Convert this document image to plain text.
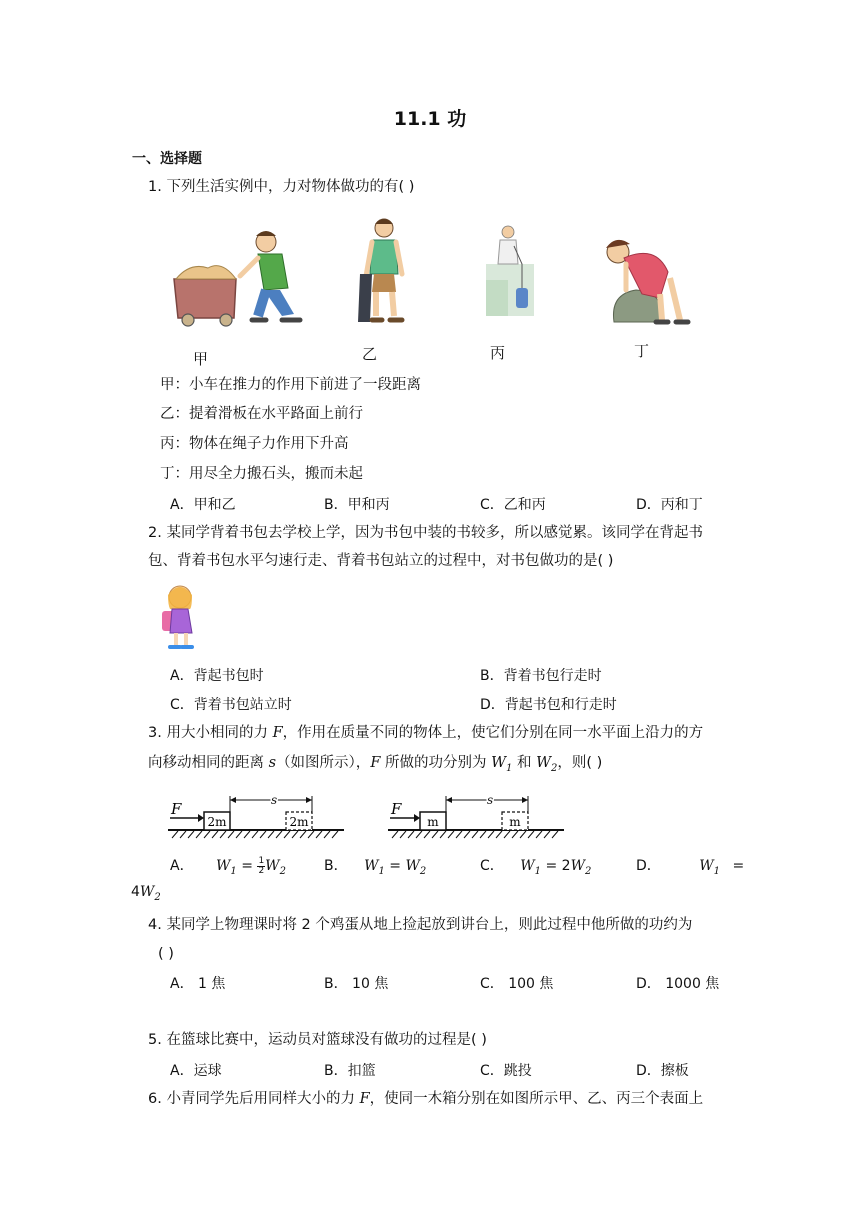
11.1 功
一、选择题
1. 下列生活实例中，力对物体做功的有( )
甲	乙	丙	丁
甲：小车在推力的作用下前进了一段距离
乙：提着滑板在水平路面上前行
丙：物体在绳子力作用下升高
丁：用尽全力搬石头，搬而未起
A．甲和乙	B．甲和丙	C．乙和丙	D．丙和丁
2. 某同学背着书包去学校上学，因为书包中装的书较多，所以感觉累。该同学在背起书
包、背着书包水平匀速行走、背着书包站立的过程中，对书包做功的是( )
A．背起书包时	B．背着书包行走时
C．背着书包站立时	D．背起书包和行走时
3. 用大小相同的力 F，作用在质量不同的物体上，使它们分别在同一水平面上沿力的方
向移动相同的距离 s（如图所示），F 所做的功分别为 $W_1$ 和 $W_2$，则( )
F
2m
s
2m
F
m
s
m
A． $W_1 = \frac{1}{2} W_2$	B． $W_1 = W_2$	C． $W_1 = 2W_2$	D．	$W_1$ =
$4W_2$
4. 某同学上物理课时将 2 个鸡蛋从地上捡起放到讲台上，则此过程中他所做的功约为
( )
A． 1 焦	B． 10 焦	C． 100 焦	D． 1000 焦
5. 在篮球比赛中，运动员对篮球没有做功的过程是( )
A．运球	B．扣篮	C．跳投	D．擦板
6. 小青同学先后用同样大小的力 F，使同一木箱分别在如图所示甲、乙、丙三个表面上
